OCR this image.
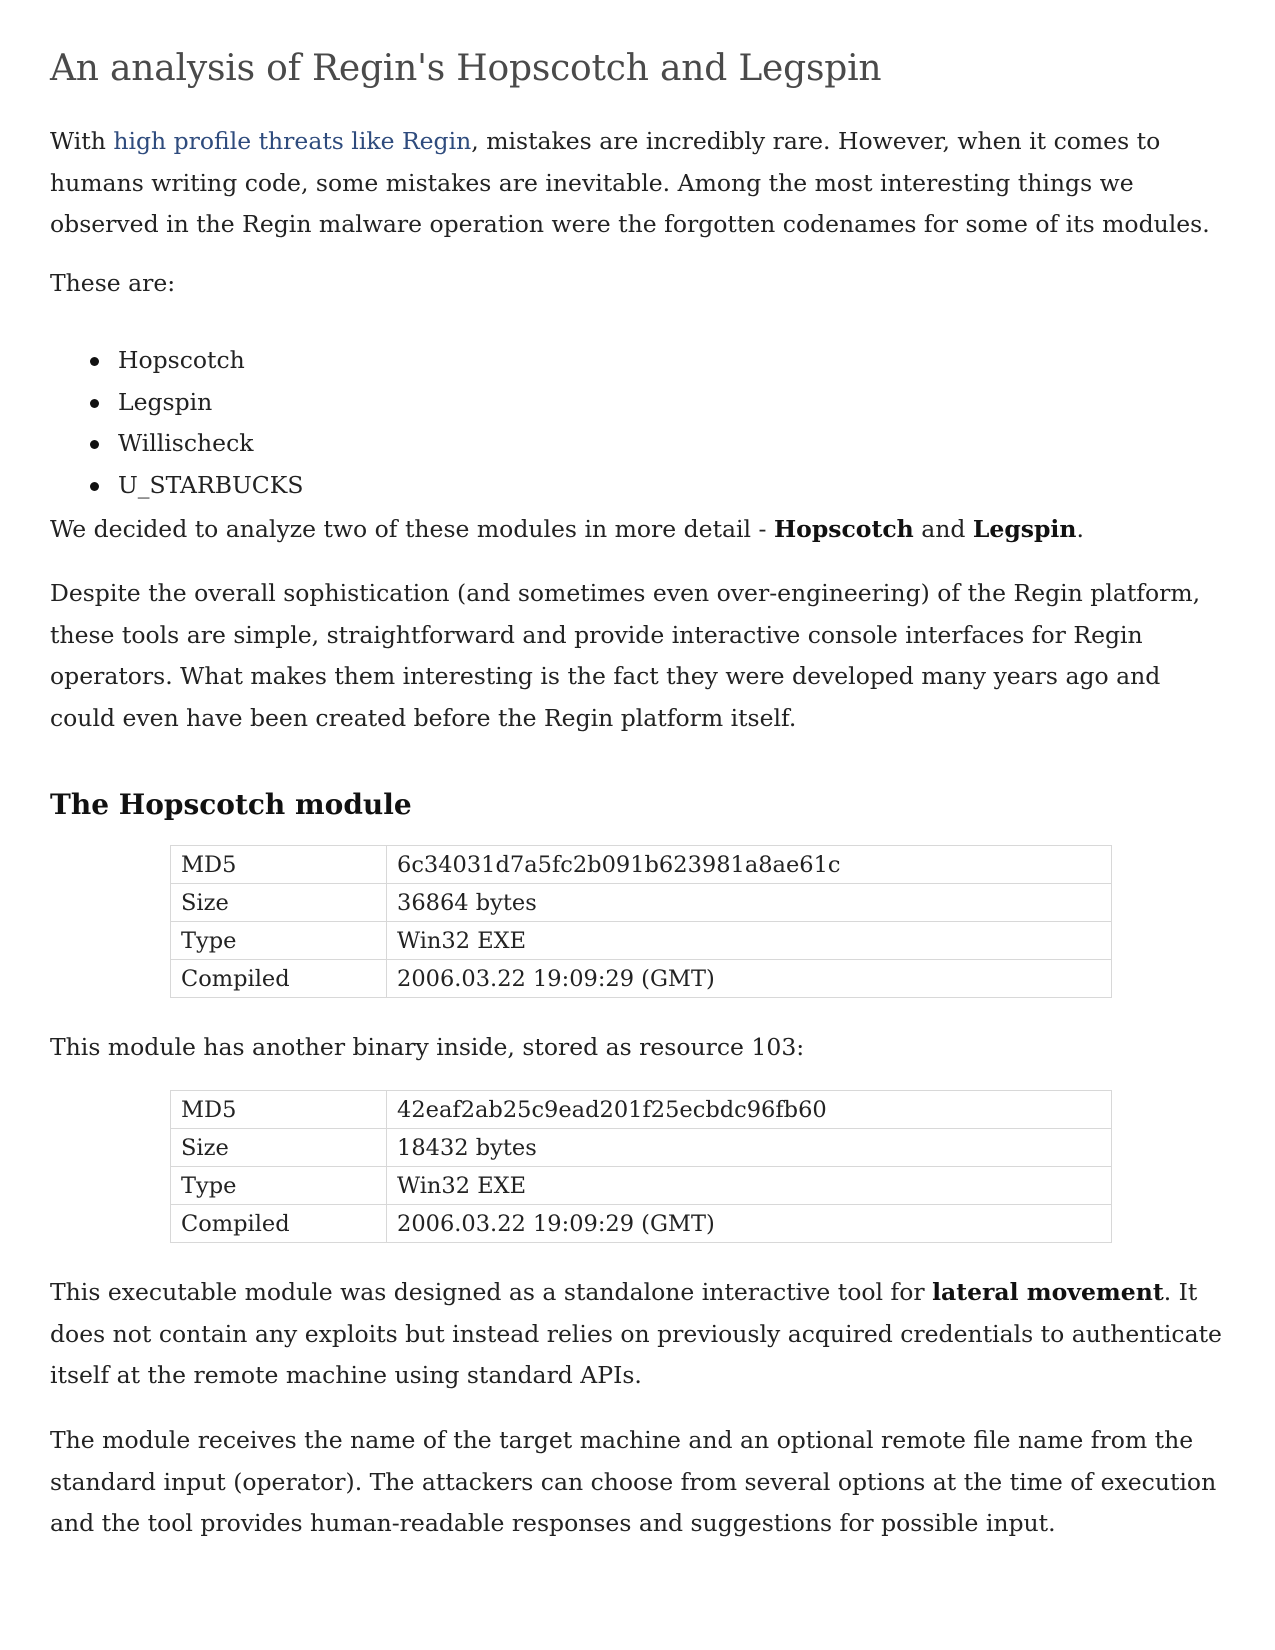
An analysis of Regin's Hopscotch and Legspin

With high profile threats like Regin, mistakes are incredibly rare. However, when it comes to humans writing code, some mistakes are inevitable. Among the most interesting things we observed in the Regin malware operation were the forgotten codenames for some of its modules.

These are:

Hopscotch
Legspin
Willischeck
U_STARBUCKS

We decided to analyze two of these modules in more detail - Hopscotch and Legspin.

Despite the overall sophistication (and sometimes even over-engineering) of the Regin platform, these tools are simple, straightforward and provide interactive console interfaces for Regin operators. What makes them interesting is the fact they were developed many years ago and could even have been created before the Regin platform itself.

The Hopscotch module
MD5	6c34031d7a5fc2b091b623981a8ae61c
Size	36864 bytes
Type	Win32 EXE
Compiled	2006.03.22 19:09:29 (GMT)

This module has another binary inside, stored as resource 103:

MD5	42eaf2ab25c9ead201f25ecbdc96fb60
Size	18432 bytes
Type	Win32 EXE
Compiled	2006.03.22 19:09:29 (GMT)

This executable module was designed as a standalone interactive tool for lateral movement. It does not contain any exploits but instead relies on previously acquired credentials to authenticate itself at the remote machine using standard APIs.

The module receives the name of the target machine and an optional remote file name from the standard input (operator). The attackers can choose from several options at the time of execution and the tool provides human-readable responses and suggestions for possible input.
